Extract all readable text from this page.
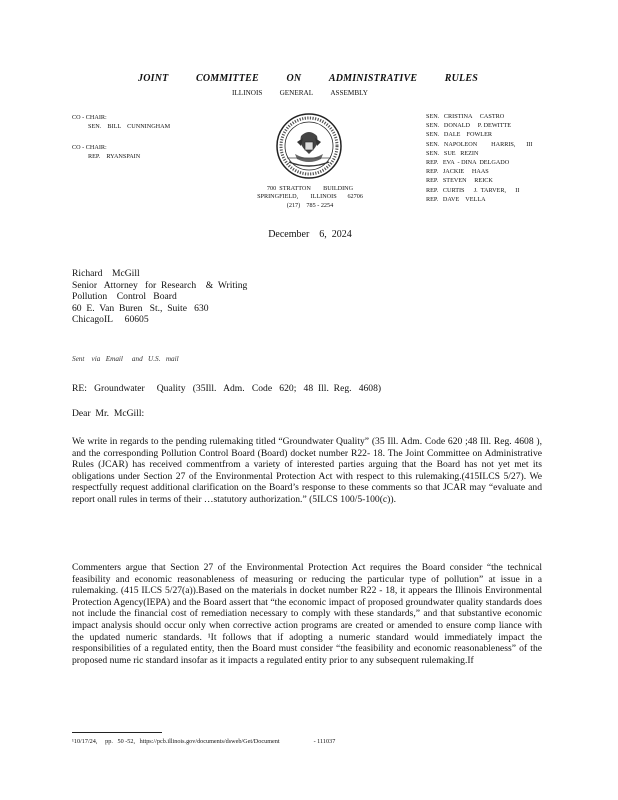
JOINT	COMMITTEE	ON	ADMINISTRATIVE	RULES
ILLINOIS GENERAL ASSEMBLY
CO - CHAIR:
SEN.    BILL    CUNNINGHAM
CO - CHAIR:
REP.    RYANSPAIN
SEN.   CRISTINA     CASTRO
SEN.   DONALD     P. DEWITTE
SEN.   DALE    FOWLER
SEN.   NAPOLEON         HARRIS,       III
SEN.   SUE   REZIN
REP.   EVA  - DINA  DELGADO
REP.   JACKIE     HAAS
REP.   STEVEN     REICK
REP.   CURTIS      J.  TARVER,      II
REP.   DAVE    VELLA
700  STRATTON        BUILDING
SPRINGFIELD,        ILLINOIS       62706
(217)    785 - 2254
December    6,  2024
Richard    McGill
Senior   Attorney   for  Research    &  Writing
Pollution    Control   Board
60  E.  Van  Buren   St.,  Suite   630
ChicagoIL     60605
Sent    via   Email     and   U.S.   mail
RE:   Groundwater     Quality   (35Ill.   Adm.   Code   620;   48  Ill.  Reg.   4608)
Dear  Mr.  McGill:
We write in regards to the pending rulemaking titled “Groundwater Quality” (35 Ill. Adm. Code 620 ;48 Ill. Reg. 4608 ), and the corresponding Pollution Control Board (Board) docket number R22- 18. The Joint Committee on Administrative Rules (JCAR) has received commentfrom a variety of interested parties arguing that the Board has not yet met its obligations under Section 27 of the Environmental Protection Act with respect to this rulemaking.(415ILCS 5/27). We respectfully request additional clarification on the Board’s response to these comments so that JCAR may “evaluate and report onall rules in terms of their …statutory authorization.” (5ILCS 100/5-100(c)).
Commenters argue that Section 27 of the Environmental Protection Act requires the Board consider “the technical feasibility and economic reasonableness of measuring or reducing the particular type of pollution” at issue in a rulemaking. (415 ILCS 5/27(a)).Based on the materials in docket number R22 - 18, it appears the Illinois Environmental Protection Agency(IEPA) and the Board assert that “the economic impact of proposed groundwater quality standards does not include the financial cost of remediation necessary to comply with these standards,” and that substantive economic impact analysis should occur only when corrective action programs are created or amended to ensure comp liance with the updated numeric standards. ¹It follows that if adopting a numeric standard would immediately impact the responsibilities of a regulated entity, then the Board must consider “the feasibility and economic reasonableness” of the proposed nume ric standard insofar as it impacts a regulated entity prior to any subsequent rulemaking.If
¹10/17/24,     pp.   50 -52,   https://pcb.illinois.gov/documents/dsweb/Get/Document	- 111037
